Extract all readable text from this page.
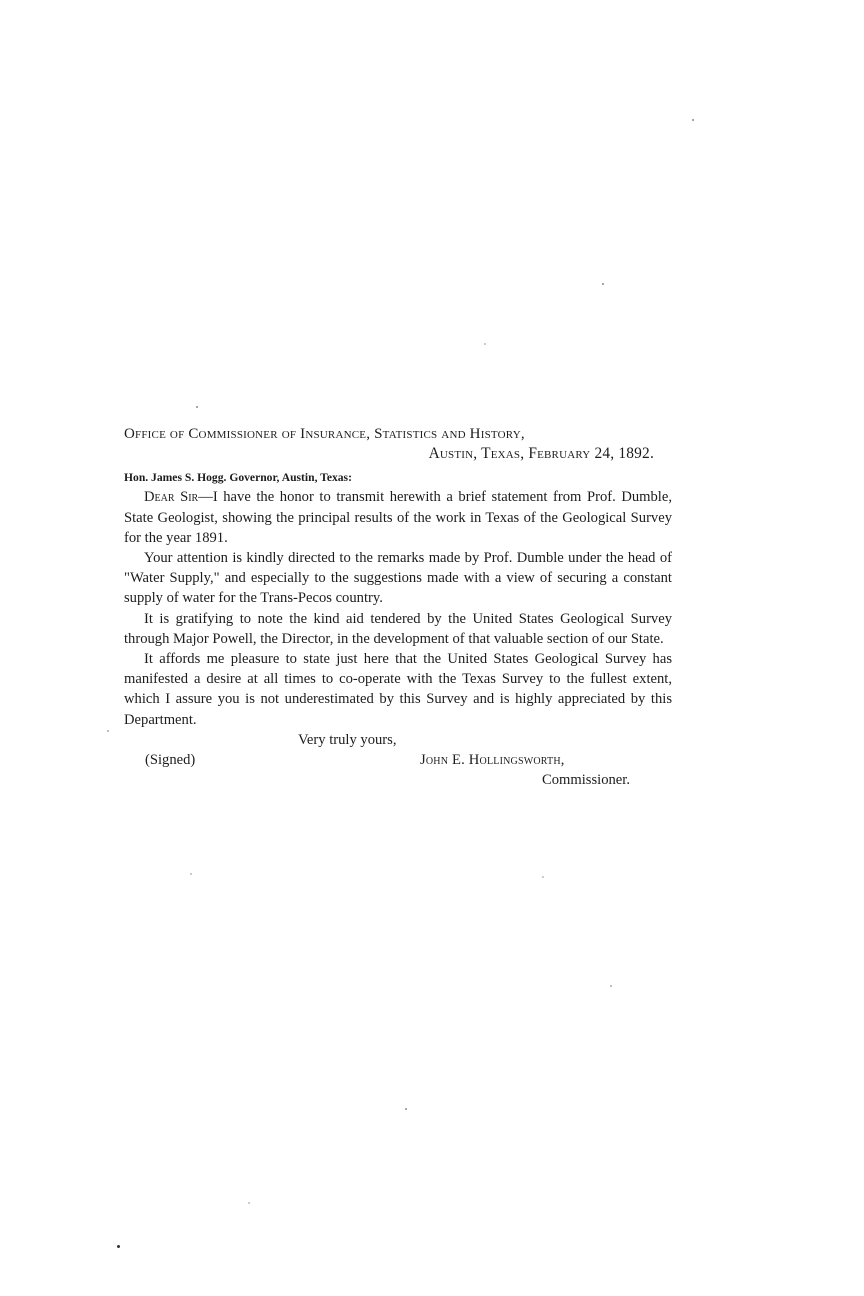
Office of Commissioner of Insurance, Statistics and History,
Austin, Texas, February 24, 1892.
Hon. James S. Hogg. Governor, Austin, Texas:

Dear Sir—I have the honor to transmit herewith a brief statement from Prof. Dumble, State Geologist, showing the principal results of the work in Texas of the Geological Survey for the year 1891.

Your attention is kindly directed to the remarks made by Prof. Dumble under the head of "Water Supply," and especially to the suggestions made with a view of securing a constant supply of water for the Trans-Pecos country.

It is gratifying to note the kind aid tendered by the United States Geological Survey through Major Powell, the Director, in the development of that valuable section of our State.

It affords me pleasure to state just here that the United States Geological Survey has manifested a desire at all times to co-operate with the Texas Survey to the fullest extent, which I assure you is not underestimated by this Survey and is highly appreciated by this Department.

Very truly yours,
(Signed)	John E. Hollingsworth,
Commissioner.
